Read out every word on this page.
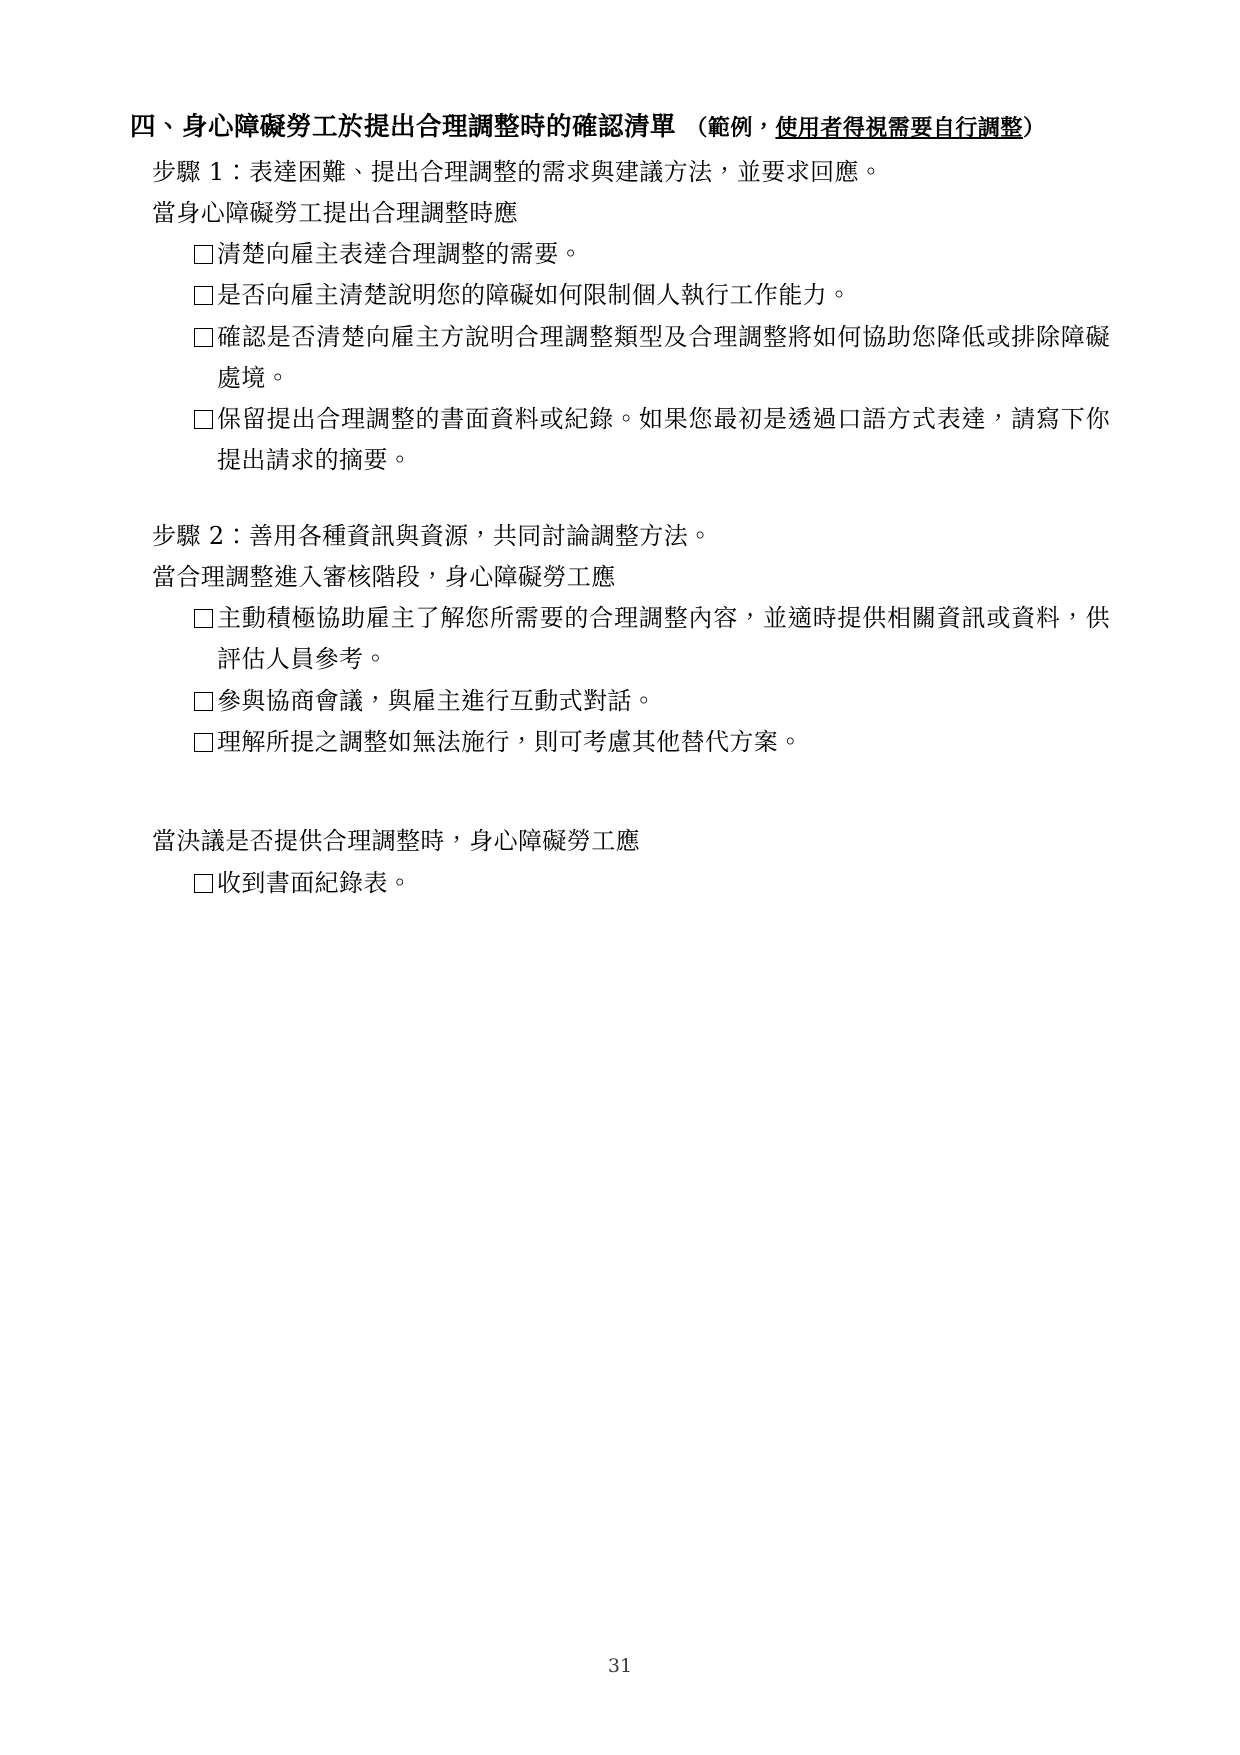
四、身心障礙勞工於提出合理調整時的確認清單 （範例，使用者得視需要自行調整）

步驟 1：表達困難、提出合理調整的需求與建議方法，並要求回應。

當身心障礙勞工提出合理調整時應

清楚向雇主表達合理調整的需要。
是否向雇主清楚說明您的障礙如何限制個人執行工作能力。
確認是否清楚向雇主方說明合理調整類型及合理調整將如何協助您降低或排除障礙處境。
保留提出合理調整的書面資料或紀錄。如果您最初是透過口語方式表達，請寫下你提出請求的摘要。

步驟 2：善用各種資訊與資源，共同討論調整方法。

當合理調整進入審核階段，身心障礙勞工應

主動積極協助雇主了解您所需要的合理調整內容，並適時提供相關資訊或資料，供評估人員參考。
參與協商會議，與雇主進行互動式對話。
理解所提之調整如無法施行，則可考慮其他替代方案。

當決議是否提供合理調整時，身心障礙勞工應

收到書面紀錄表。
31
